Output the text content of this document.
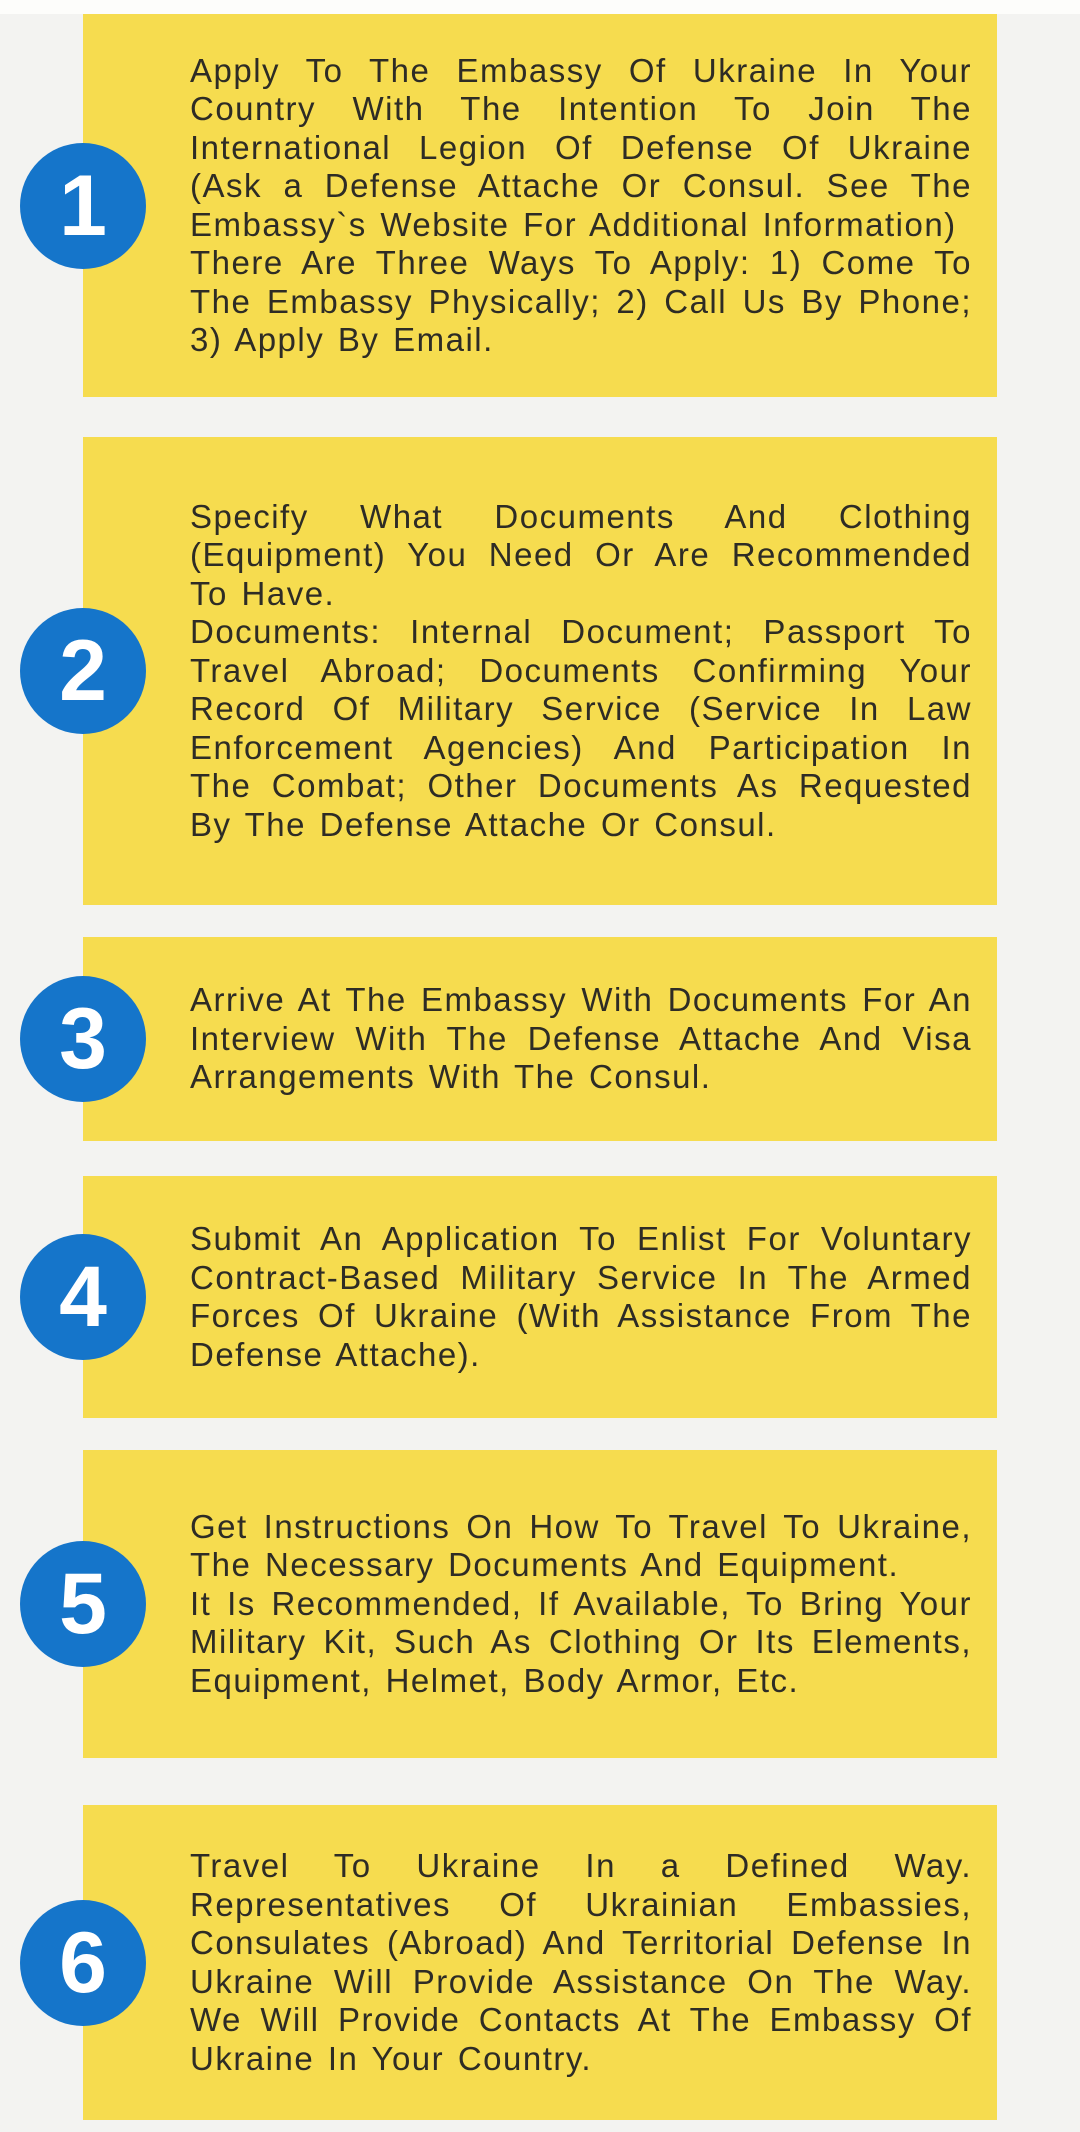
Apply To The Embassy Of Ukraine In Your Country With The Intention To Join The International Legion Of Defense Of Ukraine (Ask a Defense Attache Or Consul. See The Embassy`s Website For Additional Information)

There Are Three Ways To Apply: 1) Come To The Embassy Physically; 2) Call Us By Phone; 3) Apply By Email.

1

Specify What Documents And Clothing (Equipment) You Need Or Are Recommended To Have.

Documents: Internal Document; Passport To Travel Abroad; Documents Confirming Your Record Of Military Service (Service In Law Enforcement Agencies) And Participation In The Combat; Other Documents As Requested By The Defense Attache Or Consul.

2

Arrive At The Embassy With Documents For An Interview With The Defense Attache And Visa Arrangements With The Consul.

3

Submit An Application To Enlist For Voluntary Contract-Based Military Service In The Armed Forces Of Ukraine (With Assistance From The Defense Attache).

4

Get Instructions On How To Travel To Ukraine, The Necessary Documents And Equipment.

It Is Recommended, If Available, To Bring Your Military Kit, Such As Clothing Or Its Elements, Equipment, Helmet, Body Armor, Etc.

5

Travel To Ukraine In a Defined Way. Representatives Of Ukrainian Embassies, Consulates (Abroad) And Territorial Defense In Ukraine Will Provide Assistance On The Way. We Will Provide Contacts At The Embassy Of Ukraine In Your Country.

6
